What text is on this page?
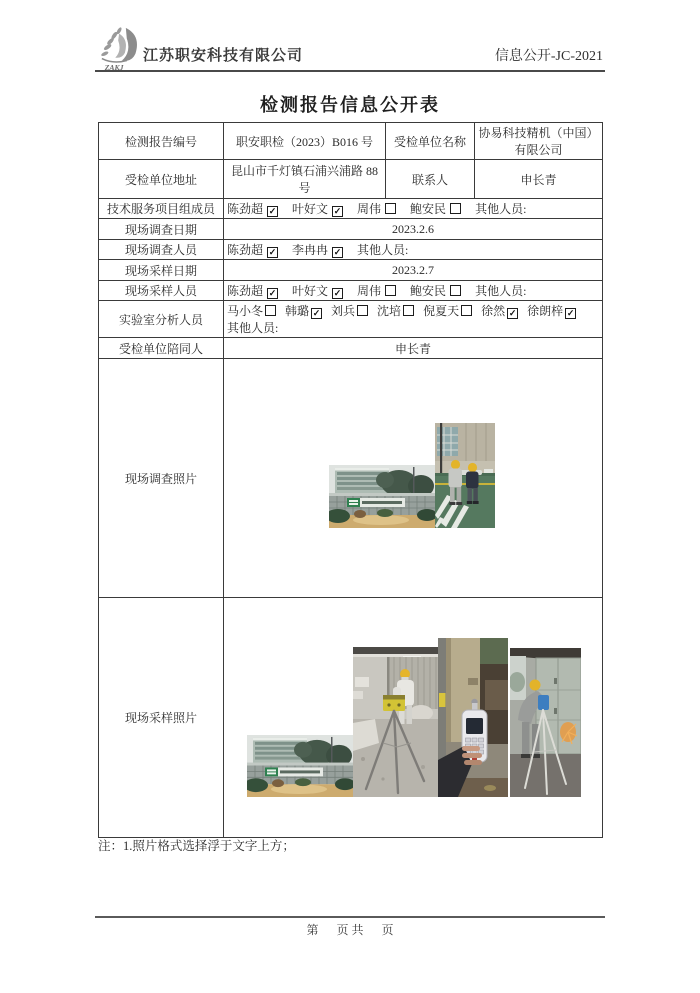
江苏职安科技有限公司	信息公开-JC-2021
检测报告信息公开表
检测报告编号	职安职检（2023）B016 号	受检单位名称	协易科技精机（中国）有限公司
受检单位地址	昆山市千灯镇石浦兴浦路 88 号	联系人	申长青
技术服务项目组成员	陈劲超 ✓ 叶好文 ✓ 周伟 鲍安民 其他人员:		
现场调查日期	2023.2.6		
现场调查人员	陈劲超 ✓ 李冉冉 ✓ 其他人员:		
现场采样日期	2023.2.7		
现场采样人员	陈劲超 ✓ 叶好文 ✓ 周伟 鲍安民 其他人员:		
实验室分析人员	马小冬 韩璐 ✓ 刘兵 沈培 倪夏天 徐然 ✓ 徐朗梓 ✓
其他人员:		

受检单位陪同人	申长青		
现场调查照片	

现场采样照片	
注：1.照片格式选择浮于文字上方；
第      页 共      页
